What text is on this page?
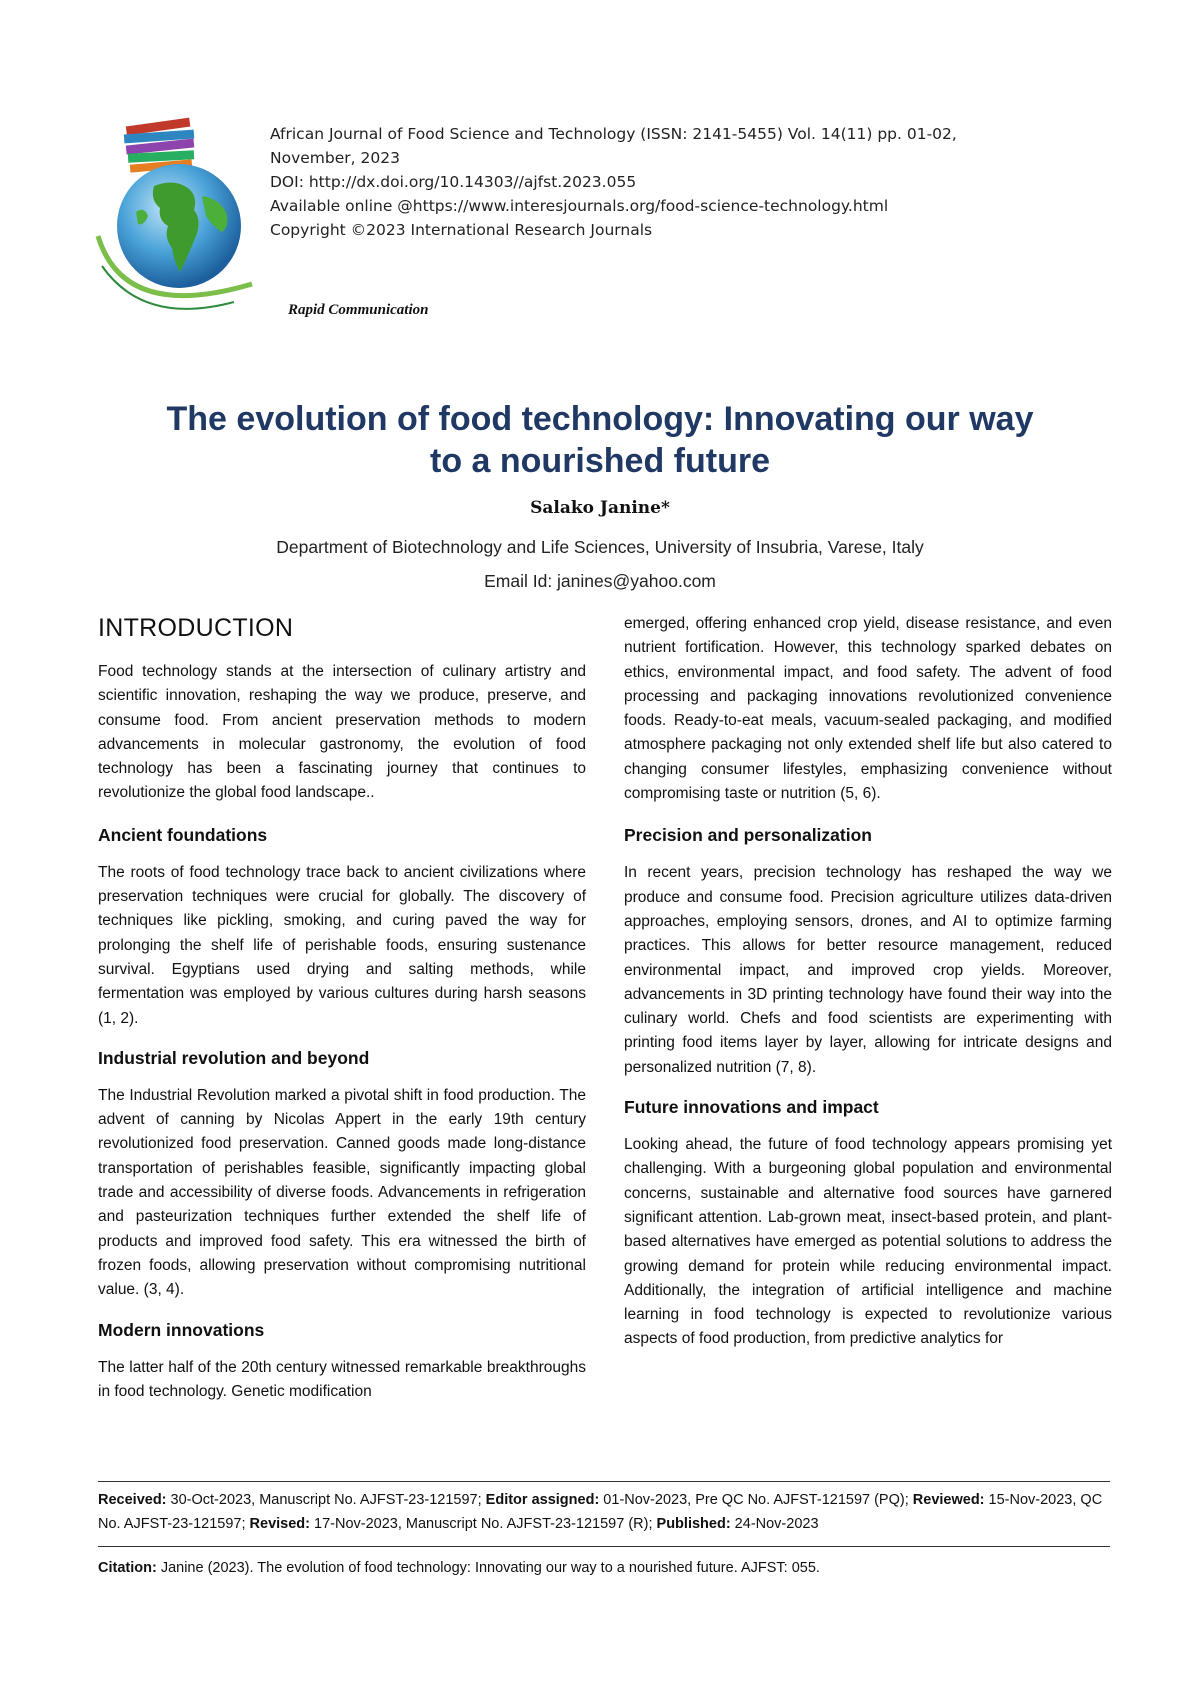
African Journal of Food Science and Technology (ISSN: 2141-5455) Vol. 14(11) pp. 01-02,
November, 2023
DOI: http://dx.doi.org/10.14303//ajfst.2023.055
Available online @https://www.interesjournals.org/food-science-technology.html
Copyright ©2023 International Research Journals
Rapid Communication
The evolution of food technology: Innovating our way
to a nourished future
Salako Janine*
Department of Biotechnology and Life Sciences, University of Insubria, Varese, Italy
Email Id: janines@yahoo.com
INTRODUCTION

Food technology stands at the intersection of culinary artistry and scientific innovation, reshaping the way we produce, preserve, and consume food. From ancient preservation methods to modern advancements in molecular gastronomy, the evolution of food technology has been a fascinating journey that continues to revolutionize the global food landscape..

Ancient foundations

The roots of food technology trace back to ancient civilizations where preservation techniques were crucial for globally. The discovery of techniques like pickling, smoking, and curing paved the way for prolonging the shelf life of perishable foods, ensuring sustenance survival. Egyptians used drying and salting methods, while fermentation was employed by various cultures during harsh seasons (1, 2).

Industrial revolution and beyond

The Industrial Revolution marked a pivotal shift in food production. The advent of canning by Nicolas Appert in the early 19th century revolutionized food preservation. Canned goods made long-distance transportation of perishables feasible, significantly impacting global trade and accessibility of diverse foods. Advancements in refrigeration and pasteurization techniques further extended the shelf life of products and improved food safety. This era witnessed the birth of frozen foods, allowing preservation without compromising nutritional value. (3, 4).

Modern innovations

The latter half of the 20th century witnessed remarkable breakthroughs in food technology. Genetic modification

emerged, offering enhanced crop yield, disease resistance, and even nutrient fortification. However, this technology sparked debates on ethics, environmental impact, and food safety. The advent of food processing and packaging innovations revolutionized convenience foods. Ready-to-eat meals, vacuum-sealed packaging, and modified atmosphere packaging not only extended shelf life but also catered to changing consumer lifestyles, emphasizing convenience without compromising taste or nutrition (5, 6).

Precision and personalization

In recent years, precision technology has reshaped the way we produce and consume food. Precision agriculture utilizes data-driven approaches, employing sensors, drones, and AI to optimize farming practices. This allows for better resource management, reduced environmental impact, and improved crop yields. Moreover, advancements in 3D printing technology have found their way into the culinary world. Chefs and food scientists are experimenting with printing food items layer by layer, allowing for intricate designs and personalized nutrition (7, 8).

Future innovations and impact

Looking ahead, the future of food technology appears promising yet challenging. With a burgeoning global population and environmental concerns, sustainable and alternative food sources have garnered significant attention. Lab-grown meat, insect-based protein, and plant-based alternatives have emerged as potential solutions to address the growing demand for protein while reducing environmental impact. Additionally, the integration of artificial intelligence and machine learning in food technology is expected to revolutionize various aspects of food production, from predictive analytics for

Received: 30-Oct-2023, Manuscript No. AJFST-23-121597; Editor assigned: 01-Nov-2023, Pre QC No. AJFST-121597 (PQ); Reviewed: 15-Nov-2023, QC No. AJFST-23-121597; Revised: 17-Nov-2023, Manuscript No. AJFST-23-121597 (R); Published: 24-Nov-2023
Citation: Janine (2023). The evolution of food technology: Innovating our way to a nourished future. AJFST: 055.
